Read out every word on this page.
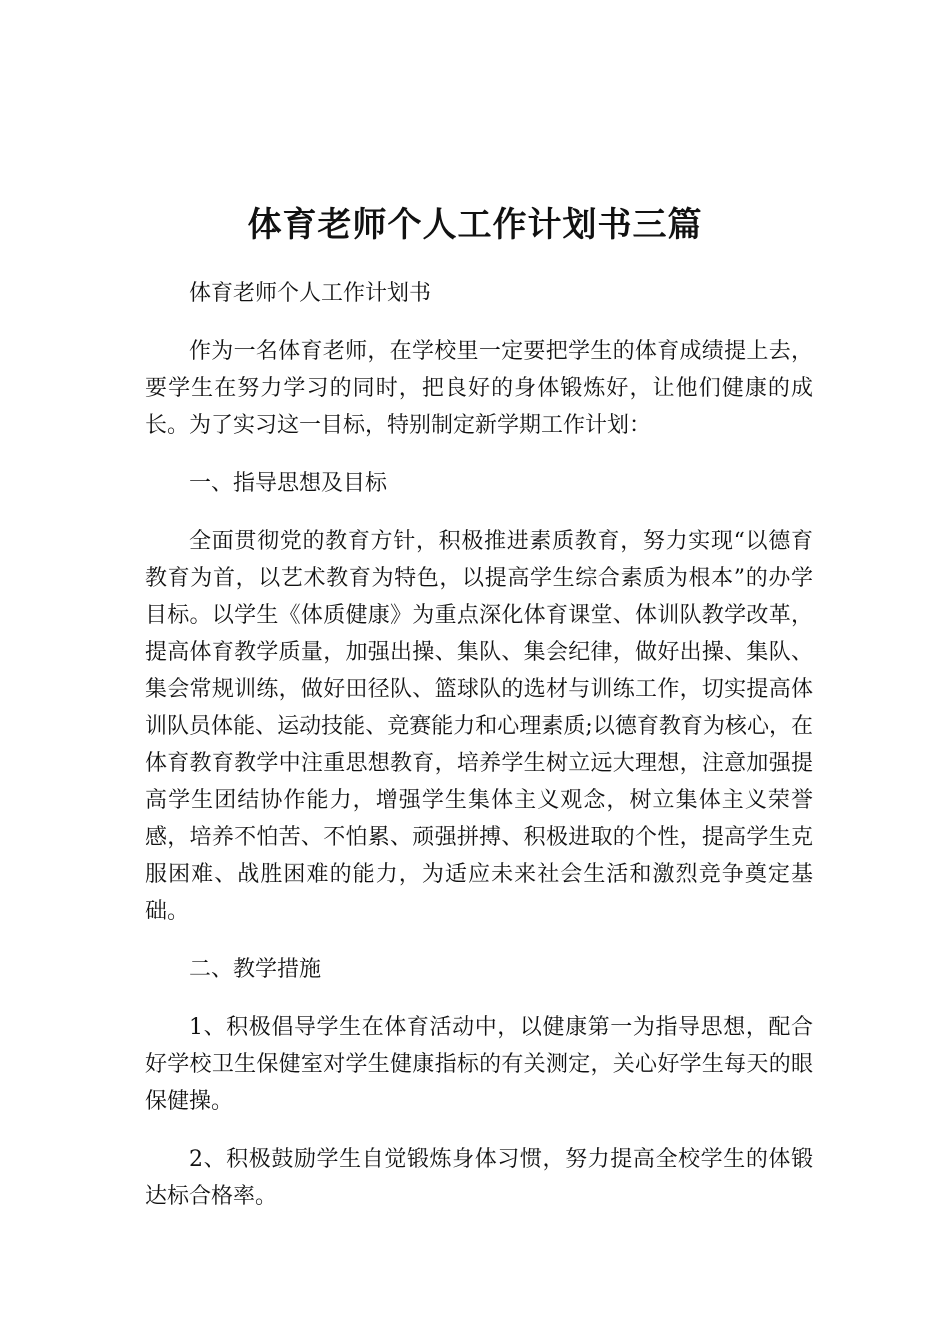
体育老师个人工作计划书三篇

体育老师个人工作计划书

作为一名体育老师，在学校里一定要把学生的体育成绩提上去，要学生在努力学习的同时，把良好的身体锻炼好，让他们健康的成长。为了实习这一目标，特别制定新学期工作计划：

一、指导思想及目标

全面贯彻党的教育方针，积极推进素质教育，努力实现“以德育教育为首，以艺术教育为特色，以提高学生综合素质为根本”的办学目标。以学生《体质健康》为重点深化体育课堂、体训队教学改革，提高体育教学质量，加强出操、集队、集会纪律，做好出操、集队、集会常规训练，做好田径队、篮球队的选材与训练工作，切实提高体训队员体能、运动技能、竞赛能力和心理素质;以德育教育为核心，在体育教育教学中注重思想教育，培养学生树立远大理想，注意加强提高学生团结协作能力，增强学生集体主义观念，树立集体主义荣誉感，培养不怕苦、不怕累、顽强拼搏、积极进取的个性，提高学生克服困难、战胜困难的能力，为适应未来社会生活和激烈竞争奠定基础。

二、教学措施

1、积极倡导学生在体育活动中，以健康第一为指导思想，配合好学校卫生保健室对学生健康指标的有关测定，关心好学生每天的眼保健操。

2、积极鼓励学生自觉锻炼身体习惯，努力提高全校学生的体锻达标合格率。
